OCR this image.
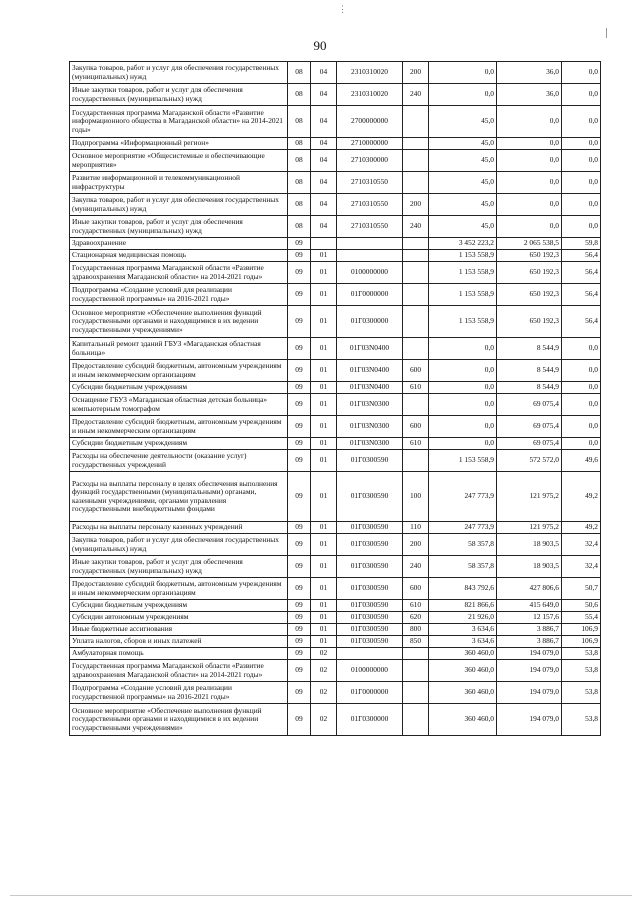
⋮
90
Закупка товаров, работ и услуг для обеспечения государственных (муниципальных) нужд	08	04	2310310020	200	0,0	36,0	0,0
Иные закупки товаров, работ и услуг для обеспечения государственных (муниципальных) нужд	08	04	2310310020	240	0,0	36,0	0,0
Государственная программа Магаданской области «Развитие информационного общества в Магаданской области» на 2014-2021 годы»	08	04	2700000000		45,0	0,0	0,0
Подпрограмма «Информационный регион»	08	04	2710000000		45,0	0,0	0,0
Основное мероприятие «Общесистемные и обеспечивающие мероприятия»	08	04	2710300000		45,0	0,0	0,0
Развитие информационной и телекоммуникационной инфраструктуры	08	04	2710310550		45,0	0,0	0,0
Закупка товаров, работ и услуг для обеспечения государственных (муниципальных) нужд	08	04	2710310550	200	45,0	0,0	0,0
Иные закупки товаров, работ и услуг для обеспечения государственных (муниципальных) нужд	08	04	2710310550	240	45,0	0,0	0,0
Здравоохранение	09				3 452 223,2	2 065 538,5	59,8
Стационарная медицинская помощь	09	01			1 153 558,9	650 192,3	56,4
Государственная программа Магаданской области «Развитие здравоохранения Магаданской области» на 2014-2021 годы»	09	01	0100000000		1 153 558,9	650 192,3	56,4
Подпрограмма «Создание условий для реализации государственной программы» на 2016-2021 годы»	09	01	01Г0000000		1 153 558,9	650 192,3	56,4
Основное мероприятие «Обеспечение выполнения функций государственными органами и находящимися в их ведении государственными учреждениями»	09	01	01Г0300000		1 153 558,9	650 192,3	56,4
Капитальный ремонт зданий ГБУЗ «Магаданская областная больница»	09	01	01Г03N0400		0,0	8 544,9	0,0
Предоставление субсидий бюджетным, автономным учреждениям и иным некоммерческим организациям	09	01	01Г03N0400	600	0,0	8 544,9	0,0
Субсидии бюджетным учреждениям	09	01	01Г03N0400	610	0,0	8 544,9	0,0
Оснащение ГБУЗ «Магаданская областная детская больница» компьютерным томографом	09	01	01Г03N0300		0,0	69 075,4	0,0
Предоставление субсидий бюджетным, автономным учреждениям и иным некоммерческим организациям	09	01	01Г03N0300	600	0,0	69 075,4	0,0
Субсидии бюджетным учреждениям	09	01	01Г03N0300	610	0,0	69 075,4	0,0
Расходы на обеспечение деятельности (оказание услуг) государственных учреждений	09	01	01Г0300590		1 153 558,9	572 572,0	49,6
Расходы на выплаты персоналу в целях обеспечения выполнения функций государственными (муниципальными) органами, казенными учреждениями, органами управления государственными внебюджетными фондами	09	01	01Г0300590	100	247 773,9	121 975,2	49,2
Расходы на выплаты персоналу казенных учреждений	09	01	01Г0300590	110	247 773,9	121 975,2	49,2
Закупка товаров, работ и услуг для обеспечения государственных (муниципальных) нужд	09	01	01Г0300590	200	58 357,8	18 903,5	32,4
Иные закупки товаров, работ и услуг для обеспечения государственных (муниципальных) нужд	09	01	01Г0300590	240	58 357,8	18 903,5	32,4
Предоставление субсидий бюджетным, автономным учреждениям и иным некоммерческим организациям	09	01	01Г0300590	600	843 792,6	427 806,6	50,7
Субсидии бюджетным учреждениям	09	01	01Г0300590	610	821 866,6	415 649,0	50,6
Субсидии автономным учреждениям	09	01	01Г0300590	620	21 926,0	12 157,6	55,4
Иные бюджетные ассигнования	09	01	01Г0300590	800	3 634,6	3 886,7	106,9
Уплата налогов, сборов и иных платежей	09	01	01Г0300590	850	3 634,6	3 886,7	106,9
Амбулаторная помощь	09	02			360 460,0	194 079,0	53,8
Государственная программа Магаданской области «Развитие здравоохранения Магаданской области» на 2014-2021 годы»	09	02	0100000000		360 460,0	194 079,0	53,8
Подпрограмма «Создание условий для реализации государственной программы» на 2016-2021 годы»	09	02	01Г0000000		360 460,0	194 079,0	53,8
Основное мероприятие «Обеспечение выполнения функций государственными органами и находящимися в их ведении государственными учреждениями»	09	02	01Г0300000		360 460,0	194 079,0	53,8
